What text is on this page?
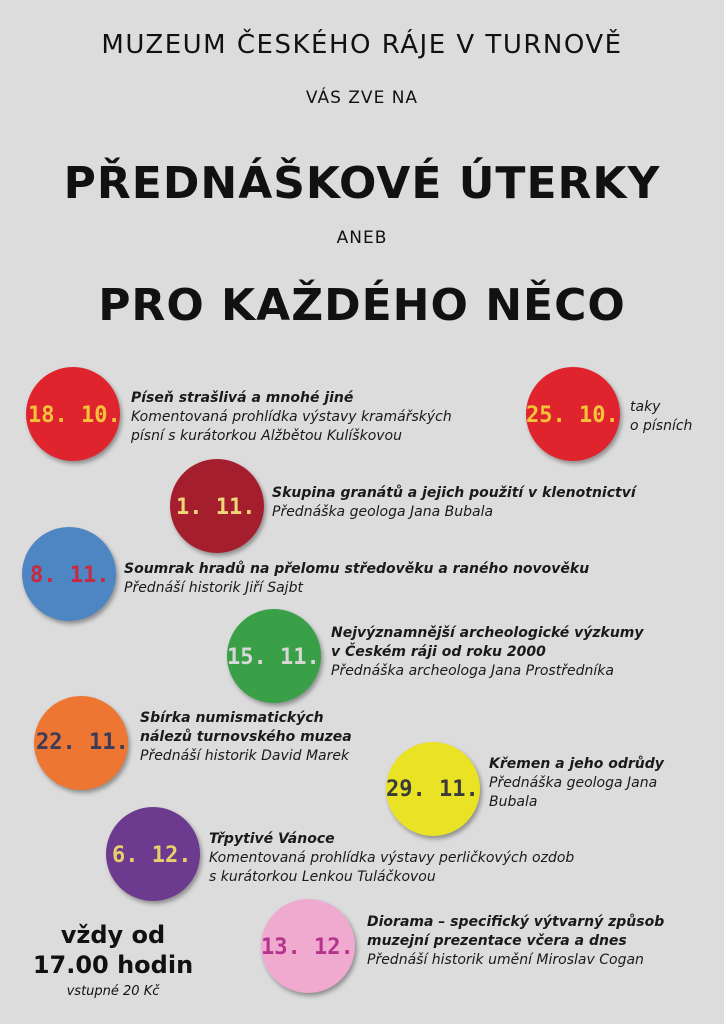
MUZEUM ČESKÉHO RÁJE V TURNOVĚ
VÁS ZVE NA
PŘEDNÁŠKOVÉ ÚTERKY
ANEB
PRO KAŽDÉHO NĚCO
18. 10.
Píseň strašlivá a mnohé jiné
Komentovaná prohlídka výstavy kramářských
písní s kurátorkou Alžbětou Kulíškovou
25. 10. taky
o písních
1. 11.
Skupina granátů a jejich použití v klenotnictví
Přednáška geologa Jana Bubala
8. 11. Soumrak hradů na přelomu středověku a raného novověku
Přednáší historik Jiří Sajbt
15. 11.
Nejvýznamnější archeologické výzkumy
v Českém ráji od roku 2000
Přednáška archeologa Jana Prostředníka
22. 11.
Sbírka numismatických
nálezů turnovského muzea
Přednáší historik David Marek
29. 11.
Křemen a jeho odrůdy
Přednáška geologa Jana
Bubala
6. 12.
Třpytivé Vánoce
Komentovaná prohlídka výstavy perličkových ozdob
s kurátorkou Lenkou Tuláčkovou
13. 12.
Diorama – specifický výtvarný způsob
muzejní prezentace včera a dnes
Přednáší historik umění Miroslav Cogan
vždy od
17.00 hodin
vstupné 20 Kč
